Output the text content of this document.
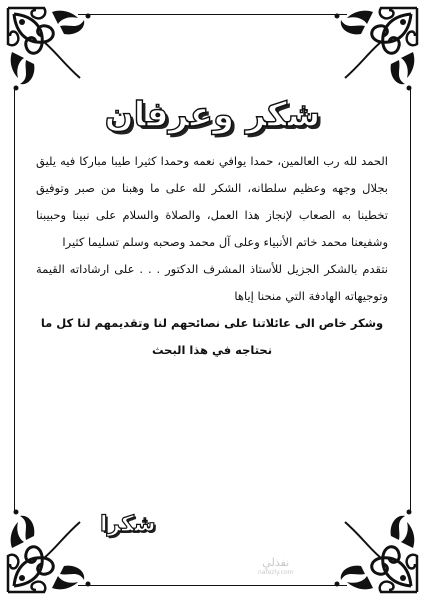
شكر وعرفان

الحمد لله رب العالمين، حمدا يوافي نعمه وحمدا كثيرا طيبا مباركا فيه يليق بجلال وجهه وعظيم سلطانه، الشكر لله على ما وهبنا من صبر وتوفيق تخطينا به الصعاب لإنجاز هذا العمل، والصلاة والسلام على نبينا وحبيبنا وشفيعنا محمد خاتم الأنبياء وعلى آل محمد وصحبه وسلم تسليما كثيرا

نتقدم بالشكر الجزيل للأستاذ المشرف الدكتور . . . على ارشاداته القيمة وتوجيهاته الهادفة التي منحنا إياها

وشكر خاص الى عائلاتنا على نصائحهم لنا وتقديمهم لنا كل ما نحتاجه في هذا البحث

شكرا
نفذلي
nafezly.com
